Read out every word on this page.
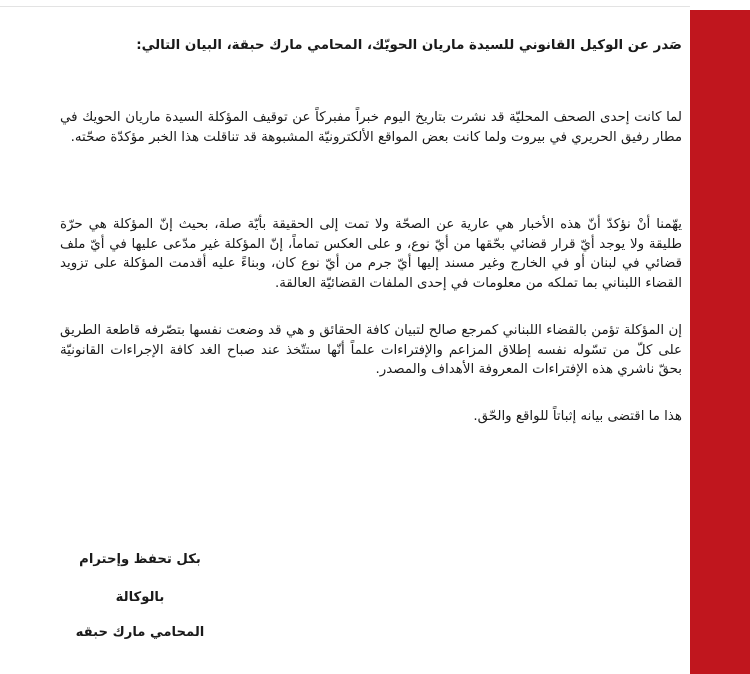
صَدر عن الوكيل القانوني للسيدة ماريان الحويّك، المحامي مارك حبقة، البيان التالي:
لما كانت إحدى الصحف المحليّة قد نشرت بتاريخ اليوم خبراً مفبركاً عن توقيف المؤكلة السيدة ماريان الحويك في مطار رفيق الحريري في بيروت ولما كانت بعض المواقع الألكترونيّة المشبوهة قد تناقلت هذا الخبر مؤكدّة صحّته.
يهّمنا أنْ نؤكدّ أنّ هذه الأخبار هي عارية عن الصحّة ولا تمت إلى الحقيقة بأيّة صلة، بحيث إنّ المؤكلة هي حرّة طليقة ولا يوجد أيّ قرار قضائي بحّقها من أيّ نوع، و على العكس تماماً، إنّ المؤكلة غير مدّعى عليها في أيّ ملف قضائي في لبنان أو في الخارج وغير مسند إليها أيّ جرم من أيّ نوع كان، وبناءً عليه أقدمت المؤكلة على تزويد القضاء اللبناني بما تملكه من معلومات في إحدى الملفات القضائيّة العالقة.
إن المؤكلة تؤمن بالقضاء اللبناني كمرجع صالح لتبيان كافة الحقائق و هي قد وضعت نفسها بتصّرفه قاطعة الطريق على كلّ من تسّوله نفسه إطلاق المزاعم والإفتراءات علماً أنّها ستتّخذ عند صباح الغد كافة الإجراءات القانونيّة بحقّ ناشري هذه الإفتراءات المعروفة الأهداف والمصدر.
هذا ما اقتضى بيانه إثباتاً للواقع والحّق.
بكل تحفظ وإحترام
بالوكالة
المحامي مارك حبقه
